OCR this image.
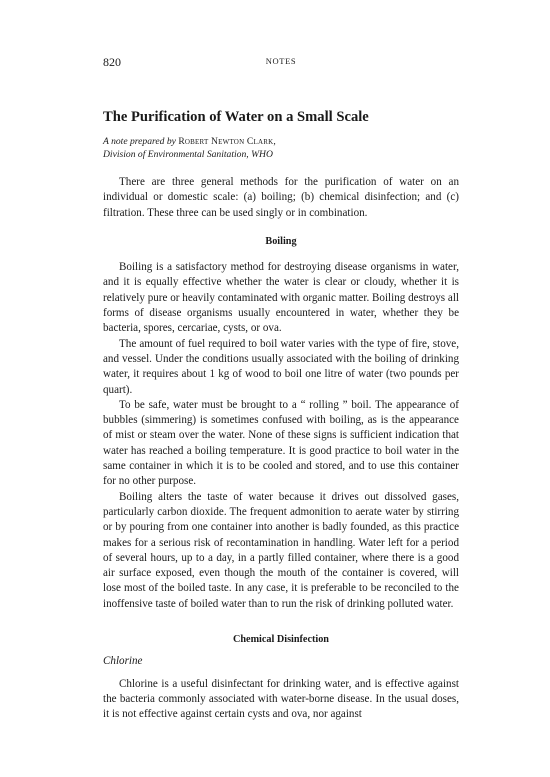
820	NOTES
The Purification of Water on a Small Scale
A note prepared by Robert Newton Clark,
Division of Environmental Sanitation, WHO

There are three general methods for the purification of water on an individual or domestic scale: (a) boiling; (b) chemical disinfection; and (c) filtration. These three can be used singly or in combination.

Boiling

Boiling is a satisfactory method for destroying disease organisms in water, and it is equally effective whether the water is clear or cloudy, whether it is relatively pure or heavily contaminated with organic matter. Boiling destroys all forms of disease organisms usually encountered in water, whether they be bacteria, spores, cercariae, cysts, or ova.

The amount of fuel required to boil water varies with the type of fire, stove, and vessel. Under the conditions usually associated with the boiling of drinking water, it requires about 1 kg of wood to boil one litre of water (two pounds per quart).

To be safe, water must be brought to a “ rolling ” boil. The appearance of bubbles (simmering) is sometimes confused with boiling, as is the appearance of mist or steam over the water. None of these signs is sufficient indication that water has reached a boiling temperature. It is good practice to boil water in the same container in which it is to be cooled and stored, and to use this container for no other purpose.

Boiling alters the taste of water because it drives out dissolved gases, particularly carbon dioxide. The frequent admonition to aerate water by stirring or by pouring from one container into another is badly founded, as this practice makes for a serious risk of recontamination in handling. Water left for a period of several hours, up to a day, in a partly filled container, where there is a good air surface exposed, even though the mouth of the container is covered, will lose most of the boiled taste. In any case, it is preferable to be reconciled to the inoffensive taste of boiled water than to run the risk of drinking polluted water.

Chemical Disinfection
Chlorine

Chlorine is a useful disinfectant for drinking water, and is effective against the bacteria commonly associated with water-borne disease. In the usual doses, it is not effective against certain cysts and ova, nor against
